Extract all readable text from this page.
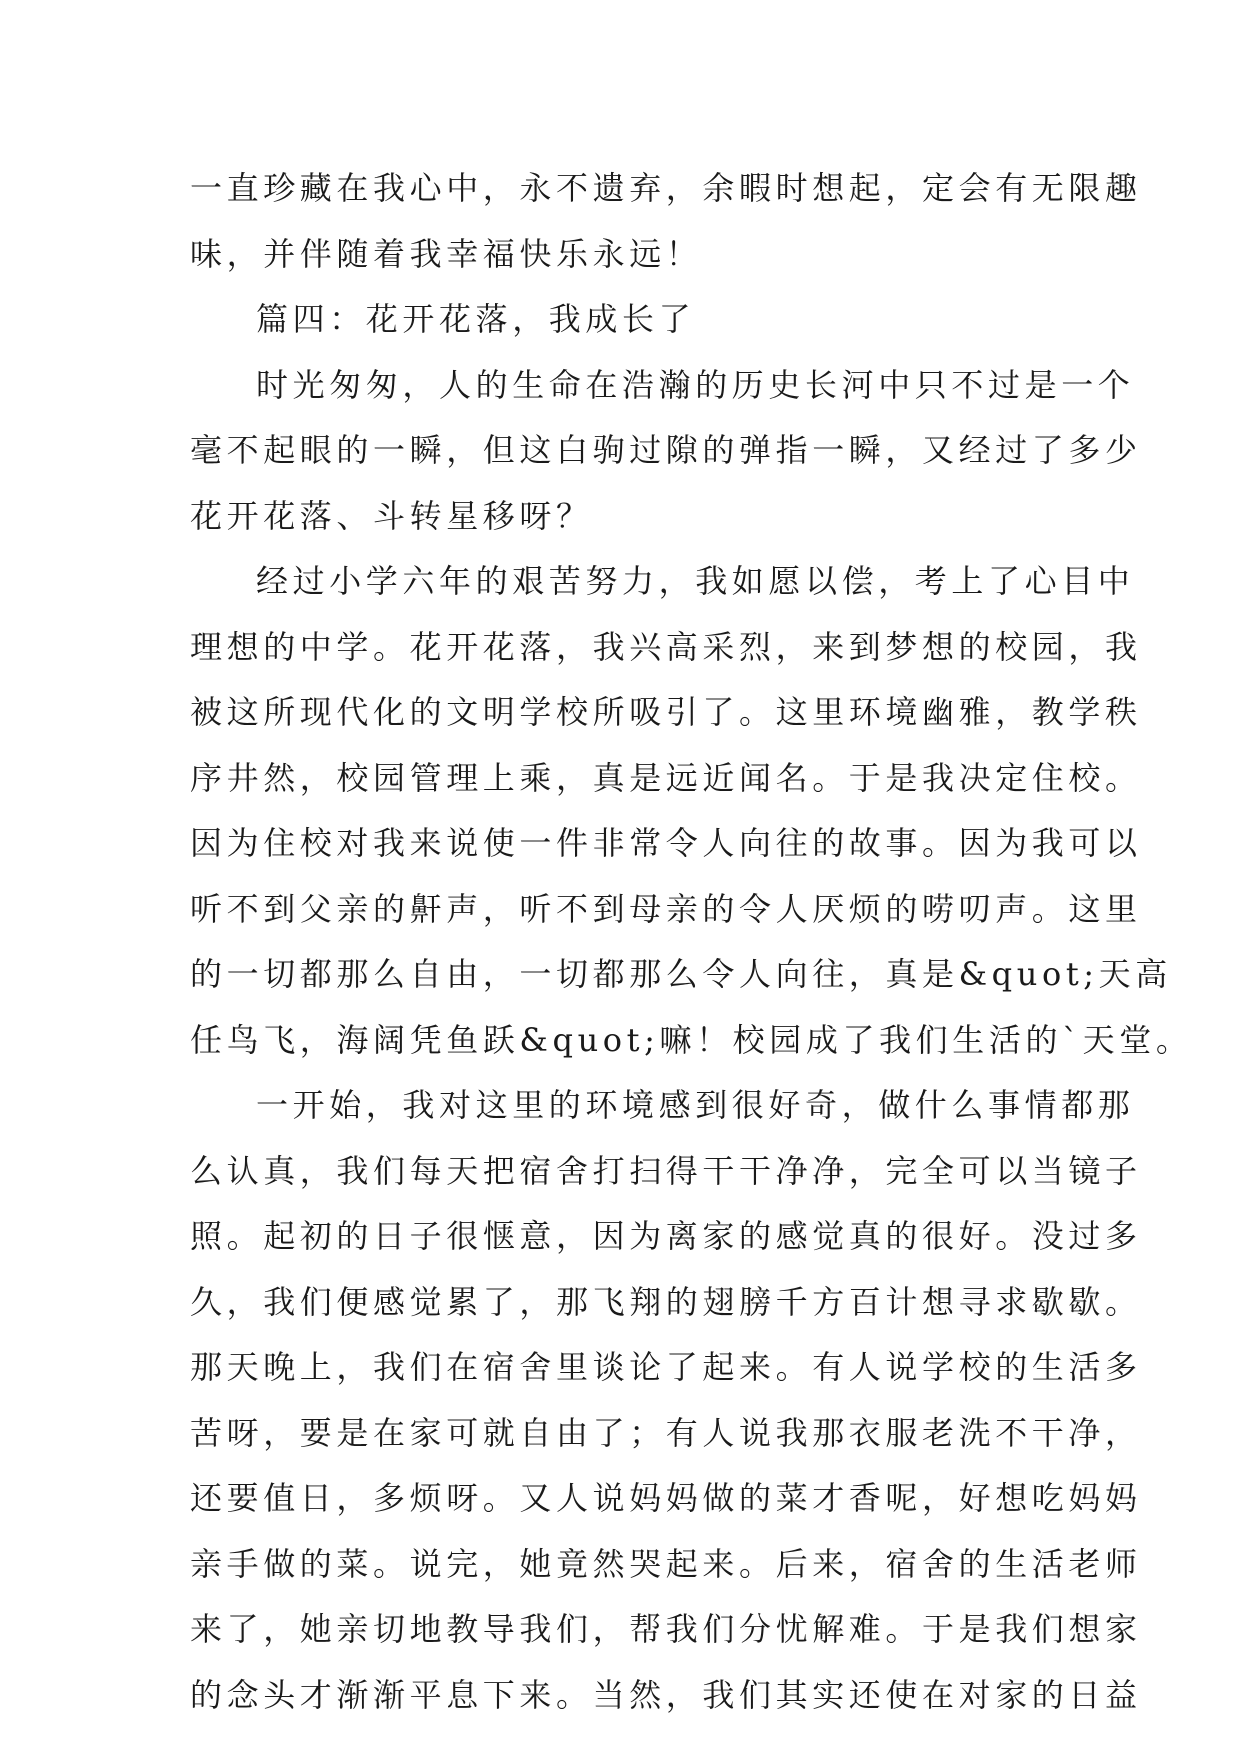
一直珍藏在我心中，永不遗弃，余暇时想起，定会有无限趣
味，并伴随着我幸福快乐永远！
篇四：花开花落，我成长了
时光匆匆，人的生命在浩瀚的历史长河中只不过是一个
毫不起眼的一瞬，但这白驹过隙的弹指一瞬，又经过了多少
花开花落、斗转星移呀？
经过小学六年的艰苦努力，我如愿以偿，考上了心目中
理想的中学。花开花落，我兴高采烈，来到梦想的校园，我
被这所现代化的文明学校所吸引了。这里环境幽雅，教学秩
序井然，校园管理上乘，真是远近闻名。于是我决定住校。
因为住校对我来说使一件非常令人向往的故事。因为我可以
听不到父亲的鼾声，听不到母亲的令人厌烦的唠叨声。这里
的一切都那么自由，一切都那么令人向往，真是&quot;天高
任鸟飞，海阔凭鱼跃&quot;嘛！校园成了我们生活的`天堂。
一开始，我对这里的环境感到很好奇，做什么事情都那
么认真，我们每天把宿舍打扫得干干净净，完全可以当镜子
照。起初的日子很惬意，因为离家的感觉真的很好。没过多
久，我们便感觉累了，那飞翔的翅膀千方百计想寻求歇歇。
那天晚上，我们在宿舍里谈论了起来。有人说学校的生活多
苦呀，要是在家可就自由了；有人说我那衣服老洗不干净，
还要值日，多烦呀。又人说妈妈做的菜才香呢，好想吃妈妈
亲手做的菜。说完，她竟然哭起来。后来，宿舍的生活老师
来了，她亲切地教导我们，帮我们分忧解难。于是我们想家
的念头才渐渐平息下来。当然，我们其实还使在对家的日益
